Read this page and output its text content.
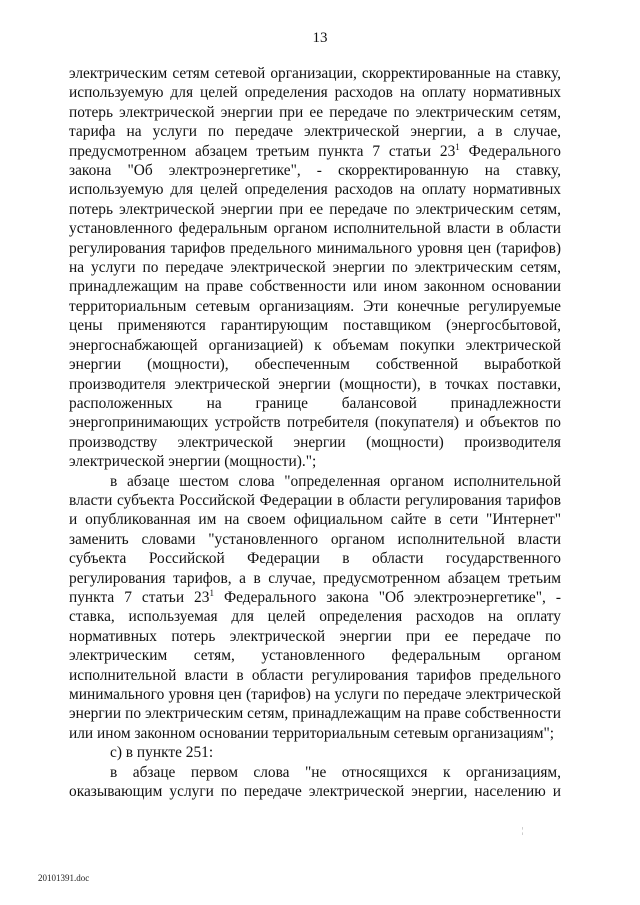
13

электрическим сетям сетевой организации, скорректированные на ставку, используемую для целей определения расходов на оплату нормативных потерь электрической энергии при ее передаче по электрическим сетям, тарифа на услуги по передаче электрической энергии, а в случае, предусмотренном абзацем третьим пункта 7 статьи $23^1$ Федерального закона "Об электроэнергетике", - скорректированную на ставку, используемую для целей определения расходов на оплату нормативных потерь электрической энергии при ее передаче по электрическим сетям, установленного федеральным органом исполнительной власти в области регулирования тарифов предельного минимального уровня цен (тарифов) на услуги по передаче электрической энергии по электрическим сетям, принадлежащим на праве собственности или ином законном основании территориальным сетевым организациям. Эти конечные регулируемые цены применяются гарантирующим поставщиком (энергосбытовой, энергоснабжающей организацией) к объемам покупки электрической энергии (мощности), обеспеченным собственной выработкой производителя электрической энергии (мощности), в точках поставки, расположенных на границе балансовой принадлежности энергопринимающих устройств потребителя (покупателя) и объектов по производству электрической энергии (мощности) производителя электрической энергии (мощности).";

в абзаце шестом слова "определенная органом исполнительной власти субъекта Российской Федерации в области регулирования тарифов и опубликованная им на своем официальном сайте в сети "Интернет" заменить словами "установленного органом исполнительной власти субъекта Российской Федерации в области государственного регулирования тарифов, а в случае, предусмотренном абзацем третьим пункта 7 статьи $23^1$ Федерального закона "Об электроэнергетике", - ставка, используемая для целей определения расходов на оплату нормативных потерь электрической энергии при ее передаче по электрическим сетям, установленного федеральным органом исполнительной власти в области регулирования тарифов предельного минимального уровня цен (тарифов) на услуги по передаче электрической энергии по электрическим сетям, принадлежащим на праве собственности или ином законном основании территориальным сетевым организациям";

с) в пункте 251:

в абзаце первом слова "не относящихся к организациям, оказывающим услуги по передаче электрической энергии, населению и

¦
20101391.doc
